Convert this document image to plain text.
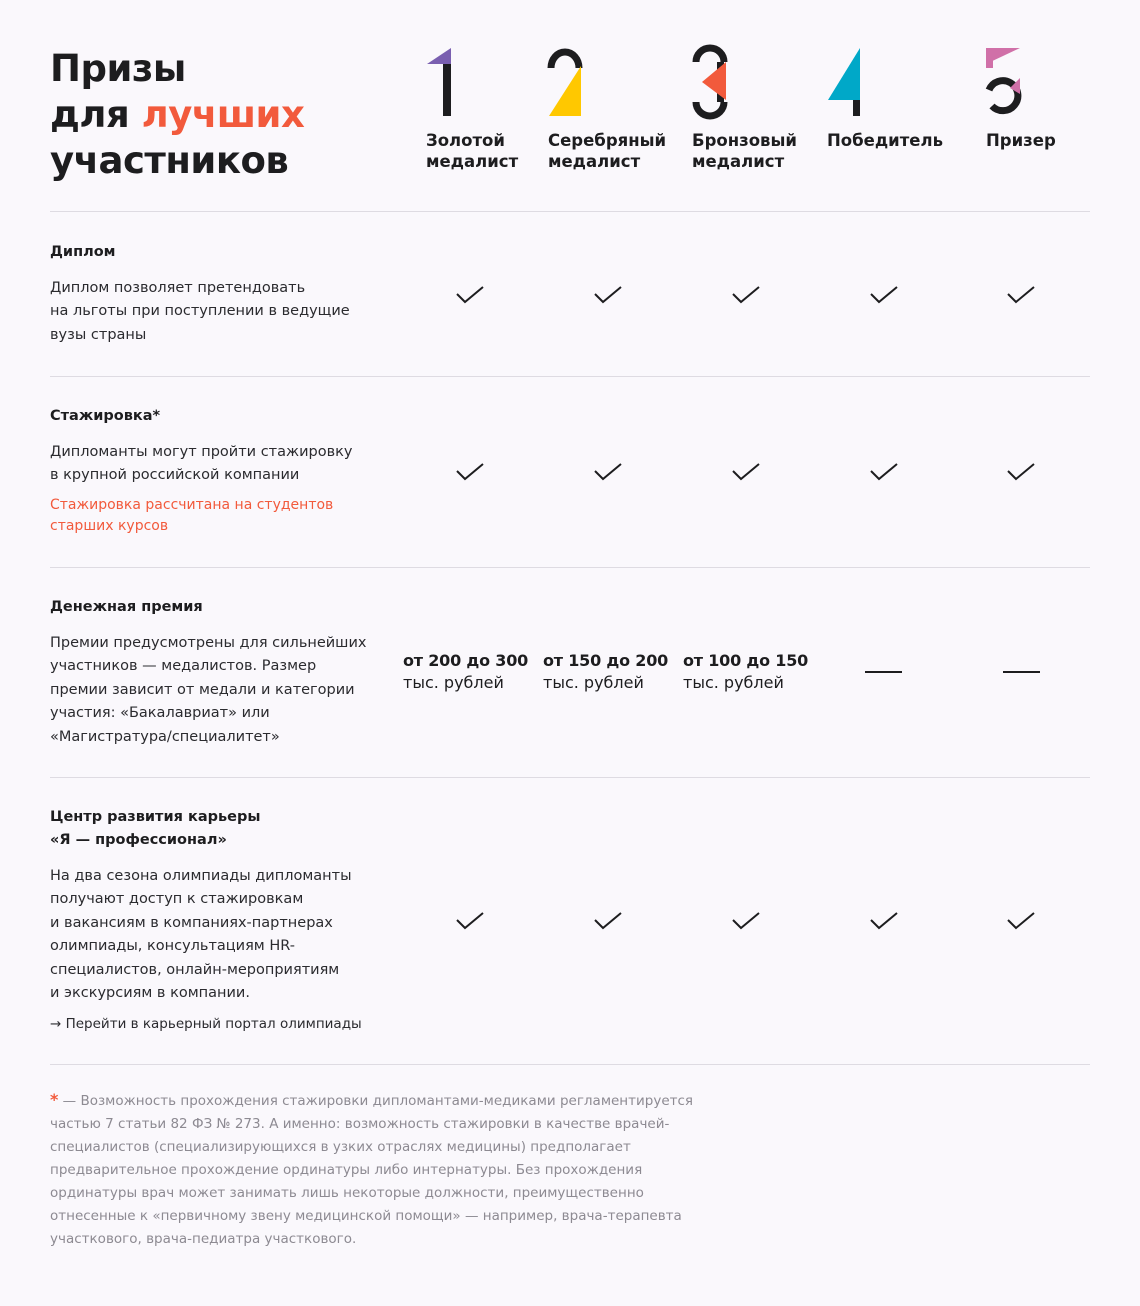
Призы
для лучших
участников	Золотой
медалист
Серебряный
медалист
Бронзовый
медалист
Победитель	Призер
Диплом
Диплом позволяет претендовать
на льготы при поступлении в ведущие
вузы страны
Стажировка*
Дипломанты могут пройти стажировку
в крупной российской компании
Стажировка рассчитана на студентов
старших курсов
Денежная премия
Премии предусмотрены для сильнейших
участников — медалистов. Размер
премии зависит от медали и категории
участия: «Бакалавриат» или
«Магистратура/специалитет»
от 200 до 300
тыс. рублей
от 150 до 200
тыс. рублей
от 100 до 150
тыс. рублей
Центр развития карьеры
«Я — профессионал»
На два сезона олимпиады дипломанты
получают доступ к стажировкам
и вакансиям в компаниях-партнерах
олимпиады, консультациям HR-
специалистов, онлайн-мероприятиям
и экскурсиям в компании.
→ Перейти в карьерный портал олимпиады
* — Возможность прохождения стажировки дипломантами-медиками регламентируется частью 7 статьи 82 ФЗ № 273. А именно: возможность стажировки в качестве врачей-специалистов (специализирующихся в узких отраслях медицины) предполагает предварительное прохождение ординатуры либо интернатуры. Без прохождения ординатуры врач может занимать лишь некоторые должности, преимущественно отнесенные к «первичному звену медицинской помощи» — например, врача-терапевта участкового, врача-педиатра участкового.
